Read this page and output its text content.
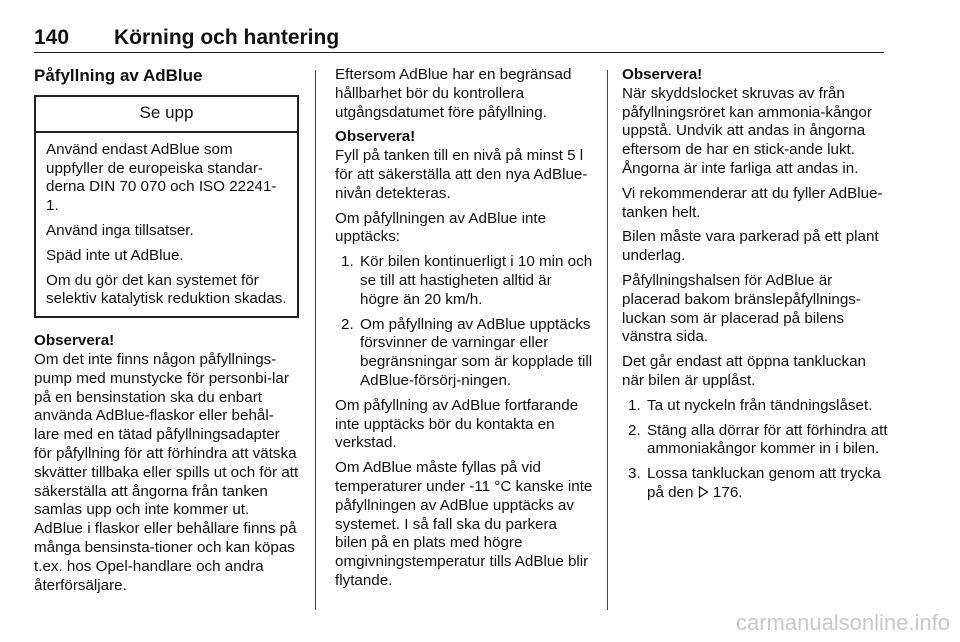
140 Körning och hantering
Påfyllning av AdBlue
Se upp

Använd endast AdBlue som uppfyller de europeiska standar-derna DIN 70 070 och ISO 22241-1.

Använd inga tillsatser.

Späd inte ut AdBlue.

Om du gör det kan systemet för selektiv katalytisk reduktion skadas.

Observera!

Om det inte finns någon påfyllnings-pump med munstycke för personbi-lar på en bensinstation ska du enbart använda AdBlue-flaskor eller behål-lare med en tätad påfyllningsadapter för påfyllning för att förhindra att vätska skvätter tillbaka eller spills ut och för att säkerställa att ångorna från tanken samlas upp och inte kommer ut. AdBlue i flaskor eller behållare finns på många bensinsta-tioner och kan köpas t.ex. hos Opel-handlare och andra återförsäljare.

Eftersom AdBlue har en begränsad hållbarhet bör du kontrollera utgångsdatumet före påfyllning.

Observera!

Fyll på tanken till en nivå på minst 5 l för att säkerställa att den nya AdBlue-nivån detekteras.

Om påfyllningen av AdBlue inte upptäcks:

1. Kör bilen kontinuerligt i 10 min och se till att hastigheten alltid är högre än 20 km/h.
2. Om påfyllning av AdBlue upptäcks försvinner de varningar eller begränsningar som är kopplade till AdBlue-försörj-ningen.

Om påfyllning av AdBlue fortfarande inte upptäcks bör du kontakta en verkstad.

Om AdBlue måste fyllas på vid temperaturer under -11 °C kanske inte påfyllningen av AdBlue upptäcks av systemet. I så fall ska du parkera bilen på en plats med högre omgivningstemperatur tills AdBlue blir flytande.

Observera!

När skyddslocket skruvas av från påfyllningsröret kan ammonia-kångor uppstå. Undvik att andas in ångorna eftersom de har en stick-ande lukt. Ångorna är inte farliga att andas in.

Vi rekommenderar att du fyller AdBlue-tanken helt.

Bilen måste vara parkerad på ett plant underlag.

Påfyllningshalsen för AdBlue är placerad bakom bränslepåfyllnings-luckan som är placerad på bilens vänstra sida.

Det går endast att öppna tankluckan när bilen är upplåst.

1. Ta ut nyckeln från tändningslåset.
2. Stäng alla dörrar för att förhindra att ammoniakångor kommer in i bilen.
3. Lossa tankluckan genom att trycka på den 176.
carmanualsonline.info
